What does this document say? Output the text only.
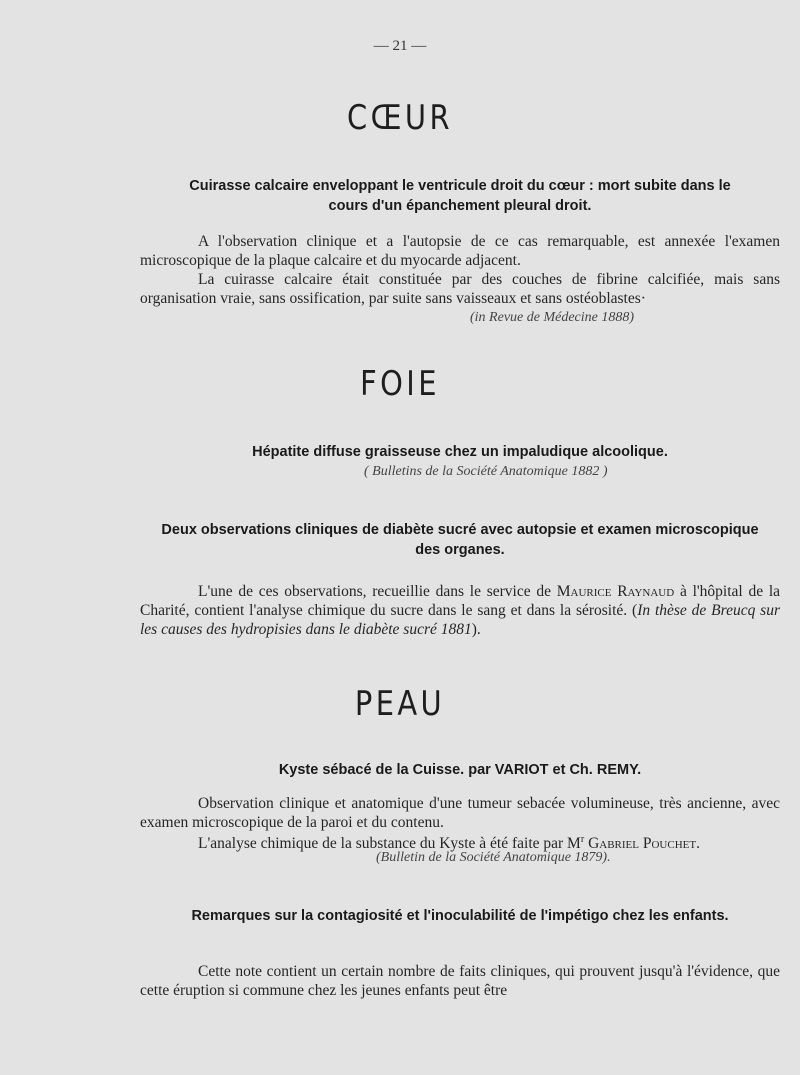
— 21 —
CŒUR
Cuirasse calcaire enveloppant le ventricule droit du cœur : mort subite dans le cours d'un épanchement pleural droit.
A l'observation clinique et a l'autopsie de ce cas remarquable, est annexée l'examen microscopique de la plaque calcaire et du myocarde adjacent.
La cuirasse calcaire était constituée par des couches de fibrine calcifiée, mais sans organisation vraie, sans ossification, par suite sans vaisseaux et sans ostéoblastes·
(in Revue de Médecine 1888)
FOIE
Hépatite diffuse graisseuse chez un impaludique alcoolique.
( Bulletins de la Société Anatomique 1882 )
Deux observations cliniques de diabète sucré avec autopsie et examen microscopique des organes.
L'une de ces observations, recueillie dans le service de Maurice Raynaud à l'hôpital de la Charité, contient l'analyse chimique du sucre dans le sang et dans la sérosité. (In thèse de Breucq sur les causes des hydropisies dans le diabète sucré 1881).
PEAU
Kyste sébacé de la Cuisse. par VARIOT et Ch. REMY.
Observation clinique et anatomique d'une tumeur sebacée volumineuse, très ancienne, avec examen microscopique de la paroi et du contenu.
L'analyse chimique de la substance du Kyste à été faite par $M^r$ Gabriel Pouchet.
(Bulletin de la Société Anatomique 1879).
Remarques sur la contagiosité et l'inoculabilité de l'impétigo chez les enfants.
Cette note contient un certain nombre de faits cliniques, qui prouvent jusqu'à l'évidence, que cette éruption si commune chez les jeunes enfants peut être
